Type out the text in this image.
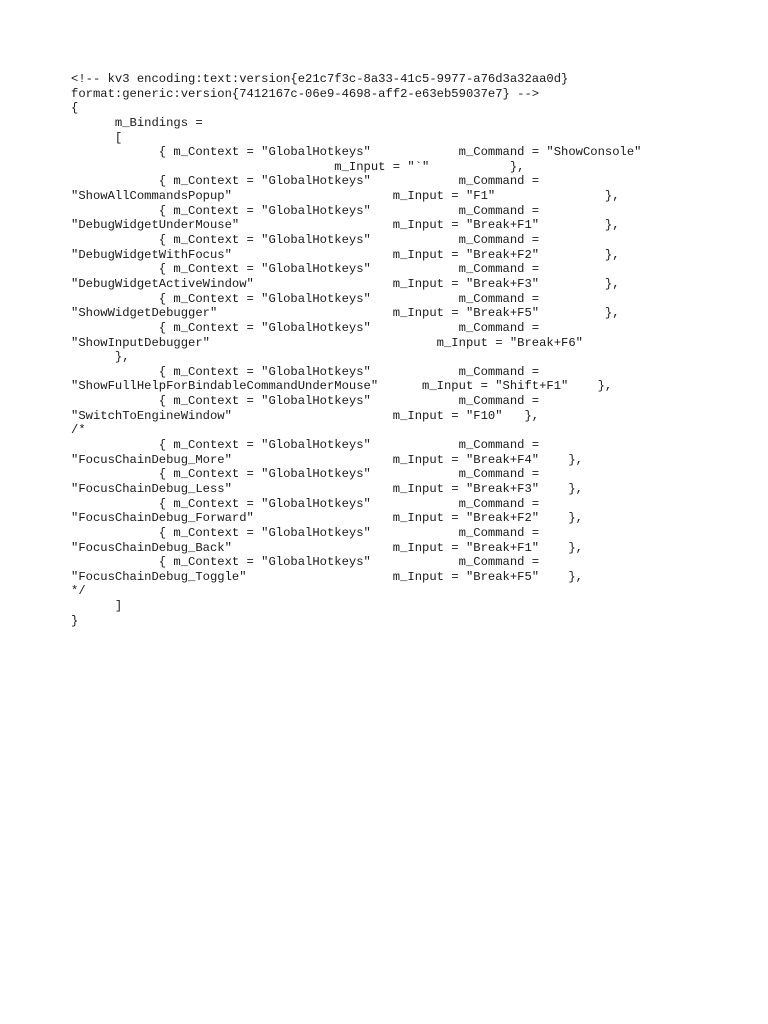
<!-- kv3 encoding:text:version{e21c7f3c-8a33-41c5-9977-a76d3a32aa0d}
format:generic:version{7412167c-06e9-4698-aff2-e63eb59037e7} -->
{
m_Bindings =
[
{ m_Context = "GlobalHotkeys"            m_Command = "ShowConsole"
m_Input = "`"           },
{ m_Context = "GlobalHotkeys"            m_Command =
"ShowAllCommandsPopup"                      m_Input = "F1"               },
{ m_Context = "GlobalHotkeys"            m_Command =
"DebugWidgetUnderMouse"                     m_Input = "Break+F1"         },
{ m_Context = "GlobalHotkeys"            m_Command =
"DebugWidgetWithFocus"                      m_Input = "Break+F2"         },
{ m_Context = "GlobalHotkeys"            m_Command =
"DebugWidgetActiveWindow"                   m_Input = "Break+F3"         },
{ m_Context = "GlobalHotkeys"            m_Command =
"ShowWidgetDebugger"                        m_Input = "Break+F5"         },
{ m_Context = "GlobalHotkeys"            m_Command =
"ShowInputDebugger"                               m_Input = "Break+F6"
},
{ m_Context = "GlobalHotkeys"            m_Command =
"ShowFullHelpForBindableCommandUnderMouse"      m_Input = "Shift+F1"    },
{ m_Context = "GlobalHotkeys"            m_Command =
"SwitchToEngineWindow"                      m_Input = "F10"   },
/*
{ m_Context = "GlobalHotkeys"            m_Command =
"FocusChainDebug_More"                      m_Input = "Break+F4"    },
{ m_Context = "GlobalHotkeys"            m_Command =
"FocusChainDebug_Less"                      m_Input = "Break+F3"    },
{ m_Context = "GlobalHotkeys"            m_Command =
"FocusChainDebug_Forward"                   m_Input = "Break+F2"    },
{ m_Context = "GlobalHotkeys"            m_Command =
"FocusChainDebug_Back"                      m_Input = "Break+F1"    },
{ m_Context = "GlobalHotkeys"            m_Command =
"FocusChainDebug_Toggle"                    m_Input = "Break+F5"    },
*/
]
}
